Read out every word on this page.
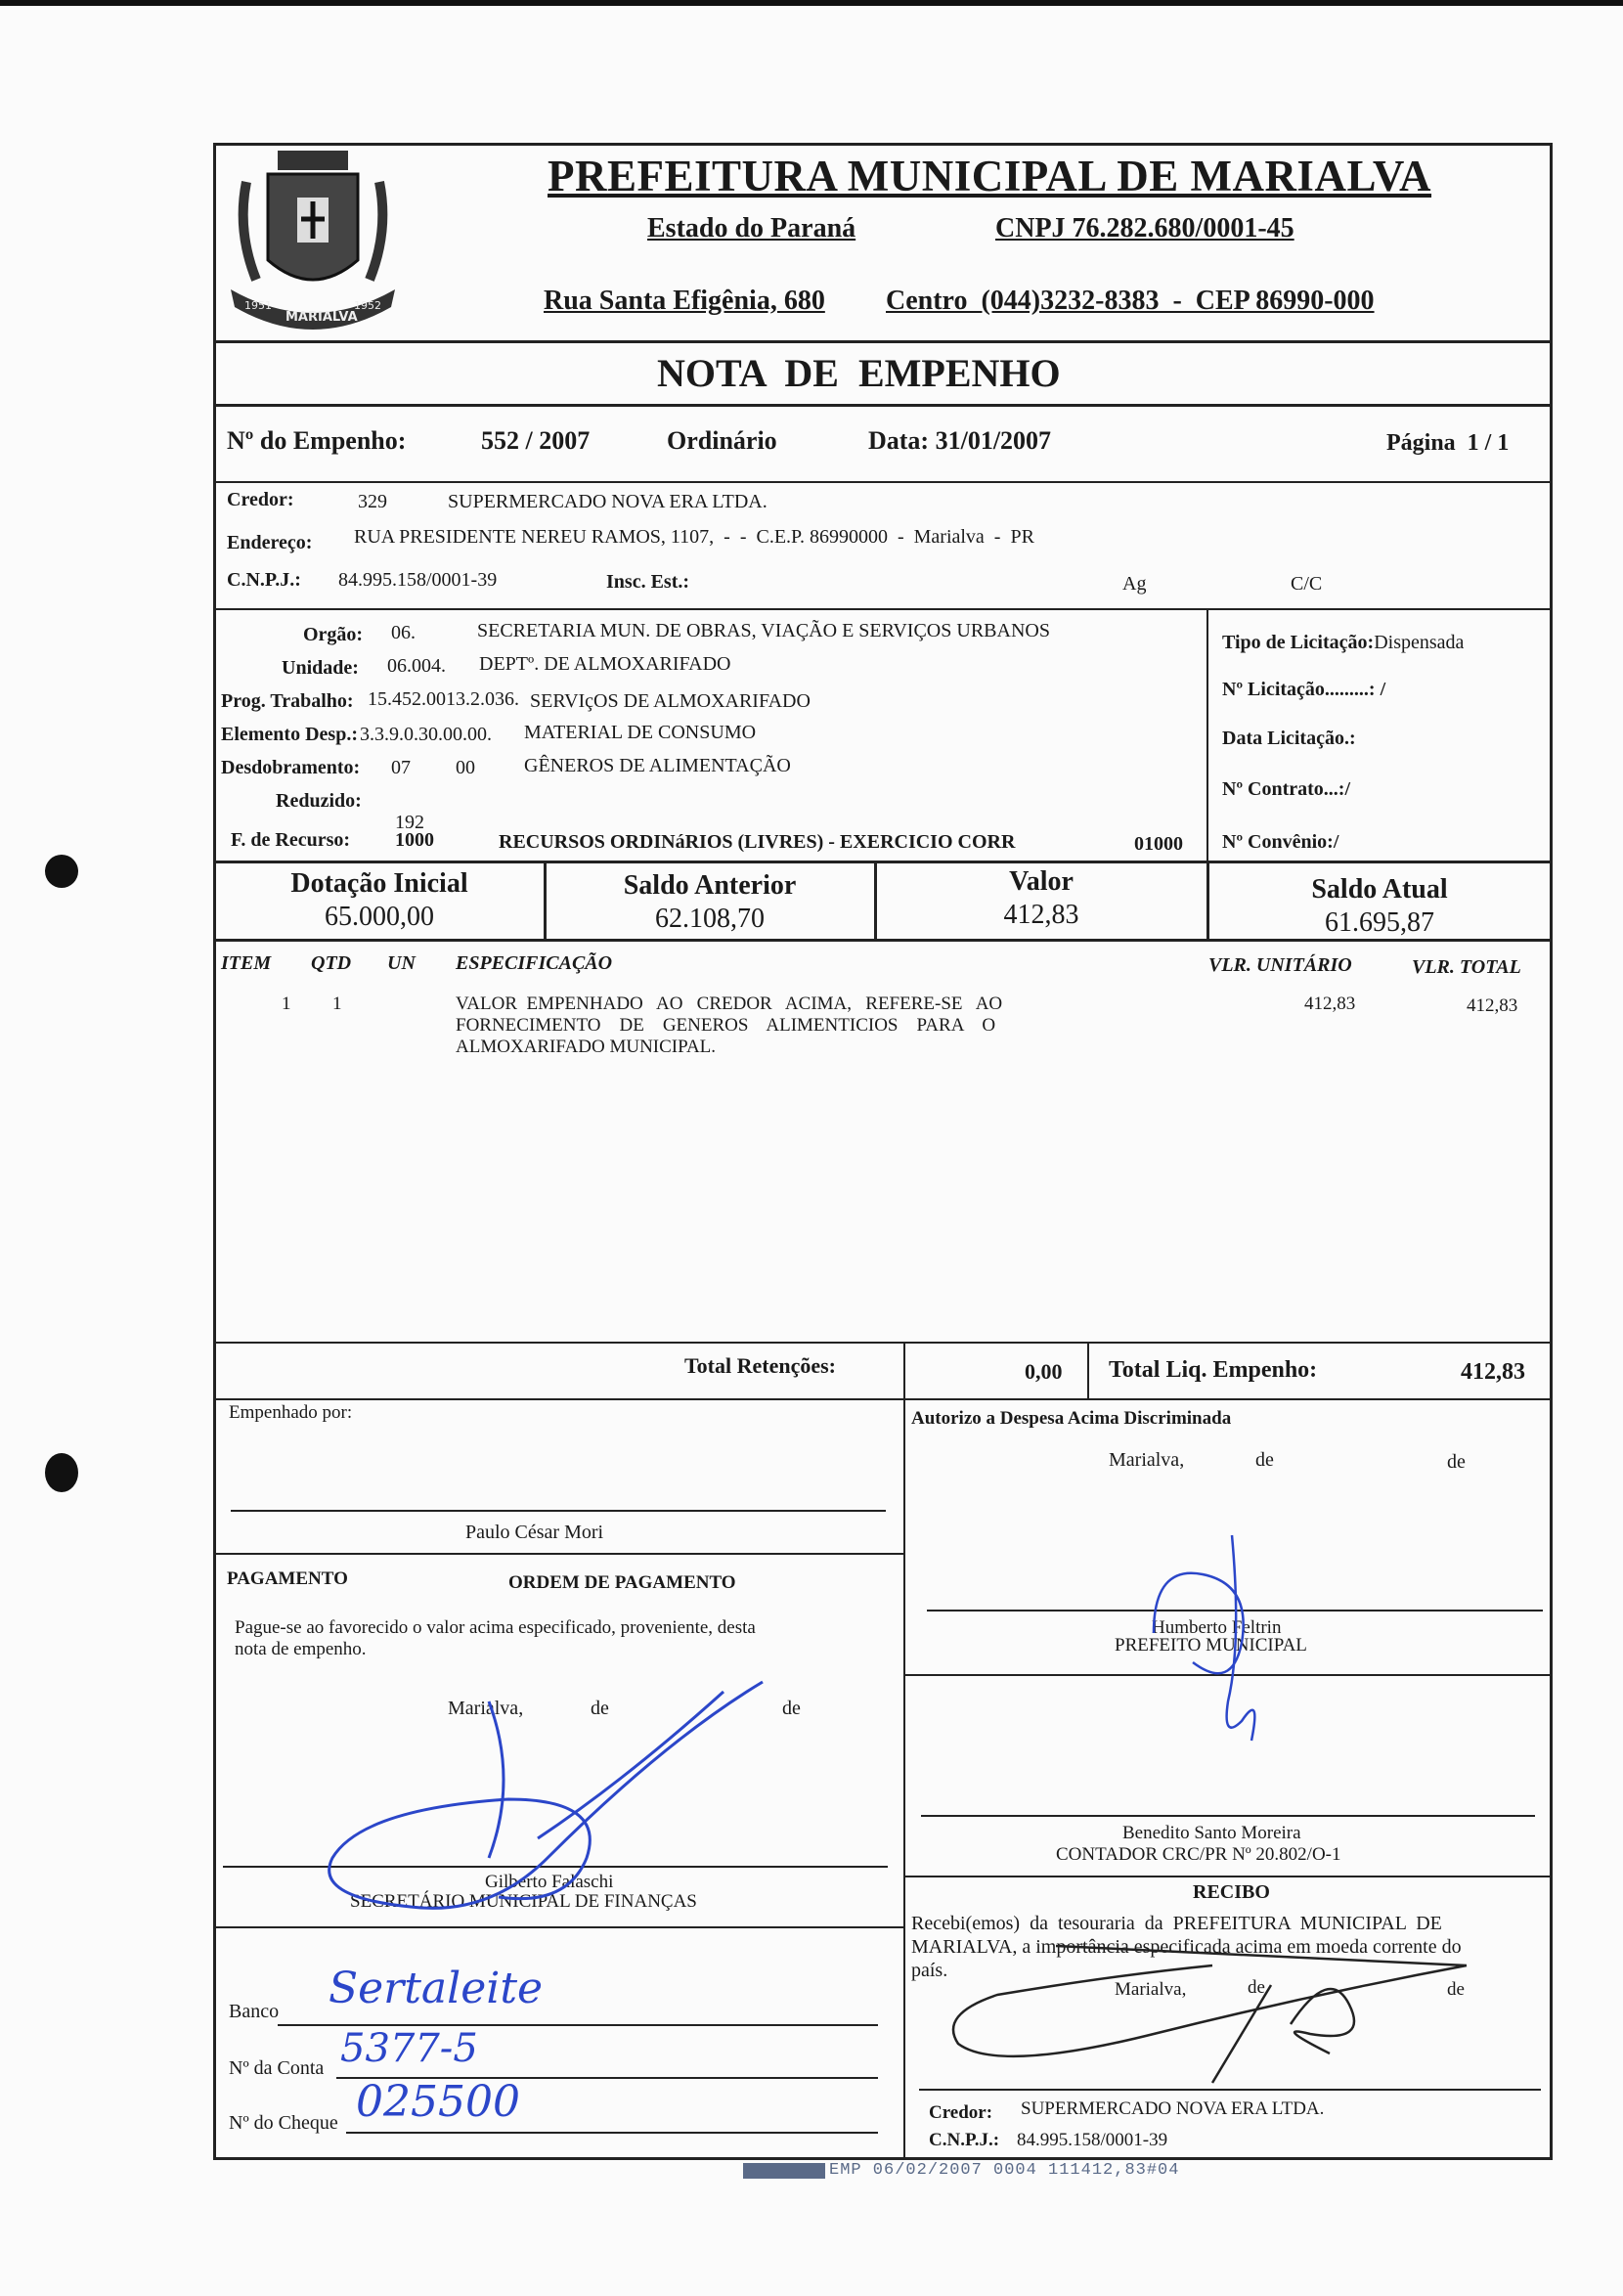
1951
MARIALVA
1952
PREFEITURA MUNICIPAL DE MARIALVA
Estado do Paraná	CNPJ 76.282.680/0001-45
Rua Santa Efigênia, 680 Centro  (044)3232-8383  -  CEP 86990-000
NOTA  DE  EMPENHO
Nº do Empenho:	552 / 2007	Ordinário	Data: 31/01/2007	Página  1 / 1
Credor:	329	SUPERMERCADO NOVA ERA LTDA.
Endereço: RUA PRESIDENTE NEREU RAMOS, 1107,  -  -  C.E.P. 86990000  -  Marialva  -  PR
C.N.P.J.: 84.995.158/0001-39	Insc. Est.:	Ag	C/C
Orgão: 06.	SECRETARIA MUN. DE OBRAS, VIAÇÃO E SERVIÇOS URBANOS
Unidade: 06.004. DEPTº. DE ALMOXARIFADO
Prog. Trabalho: 15.452.0013.2.036. SERVIçOS DE ALMOXARIFADO
Elemento Desp.: 3.3.9.0.30.00.00. MATERIAL DE CONSUMO
Desdobramento: 07 00	GÊNEROS DE ALIMENTAÇÃO
Reduzido:
192
F. de Recurso: 1000	RECURSOS ORDINáRIOS (LIVRES) - EXERCICIO CORR	01000
Tipo de Licitação:Dispensada
Nº Licitação.........: /
Data Licitação.:
Nº Contrato...:/
Nº Convênio:/
Dotação Inicial
65.000,00
Saldo Anterior
62.108,70
Valor
412,83
Saldo Atual
61.695,87
ITEM QTD UN ESPECIFICAÇÃO	VLR. UNITÁRIO	VLR. TOTAL
1 1	VALOR  EMPENHADO   AO   CREDOR   ACIMA,   REFERE-SE   AO
FORNECIMENTO    DE    GENEROS    ALIMENTICIOS    PARA    O
ALMOXARIFADO MUNICIPAL.
412,83	412,83
Total Retenções:	0,00 Total Liq. Empenho:	412,83
Empenhado por:
Paulo César Mori
Autorizo a Despesa Acima Discriminada
Marialva,	de	de
Humberto Feltrin
PREFEITO MUNICIPAL
PAGAMENTO	ORDEM DE PAGAMENTO
Pague-se ao favorecido o valor acima especificado, proveniente, desta
nota de empenho.
Marialva,	de	de
Gilberto Falaschi
SECRETÁRIO MUNICIPAL DE FINANÇAS
Benedito Santo Moreira
CONTADOR CRC/PR Nº 20.802/O-1
RECIBO
Recebi(emos)  da  tesouraria  da  PREFEITURA  MUNICIPAL  DE
MARIALVA, a importância especificada acima em moeda corrente do
país.
Marialva,	de	de
Credor: SUPERMERCADO NOVA ERA LTDA.
C.N.P.J.: 84.995.158/0001-39
Banco Sertaleite
Nº da Conta 5377-5
Nº do Cheque 025500
EMP 06/02/2007 0004 111412,83#04
